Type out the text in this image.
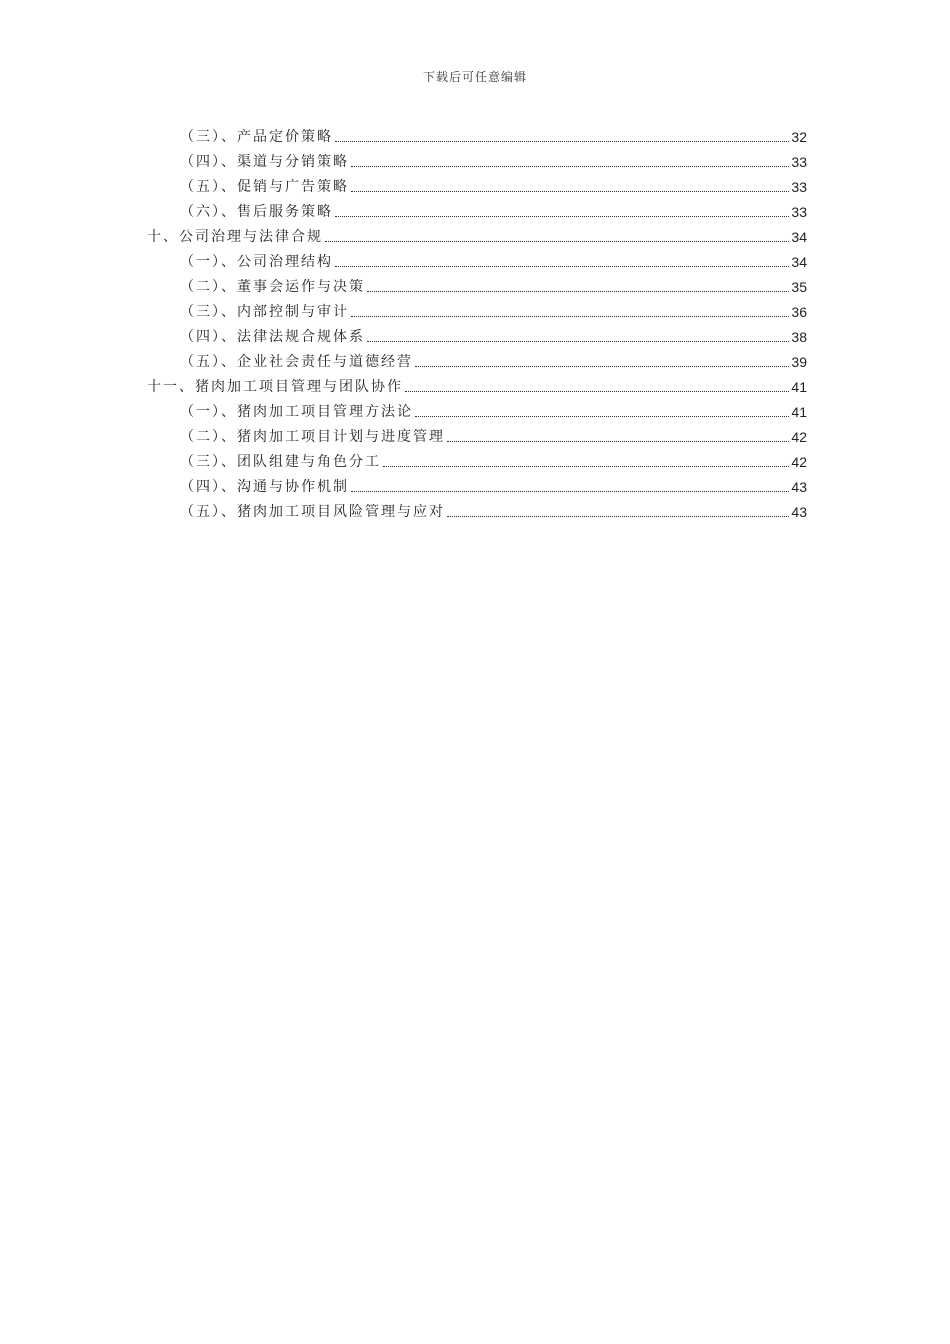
下载后可任意编辑
（三）、产品定价策略	32
（四）、渠道与分销策略	33
（五）、促销与广告策略	33
（六）、售后服务策略	33
十、公司治理与法律合规	34
（一）、公司治理结构	34
（二）、董事会运作与决策	35
（三）、内部控制与审计	36
（四）、法律法规合规体系	38
（五）、企业社会责任与道德经营	39
十一、猪肉加工项目管理与团队协作	41
（一）、猪肉加工项目管理方法论	41
（二）、猪肉加工项目计划与进度管理	42
（三）、团队组建与角色分工	42
（四）、沟通与协作机制	43
（五）、猪肉加工项目风险管理与应对	43
